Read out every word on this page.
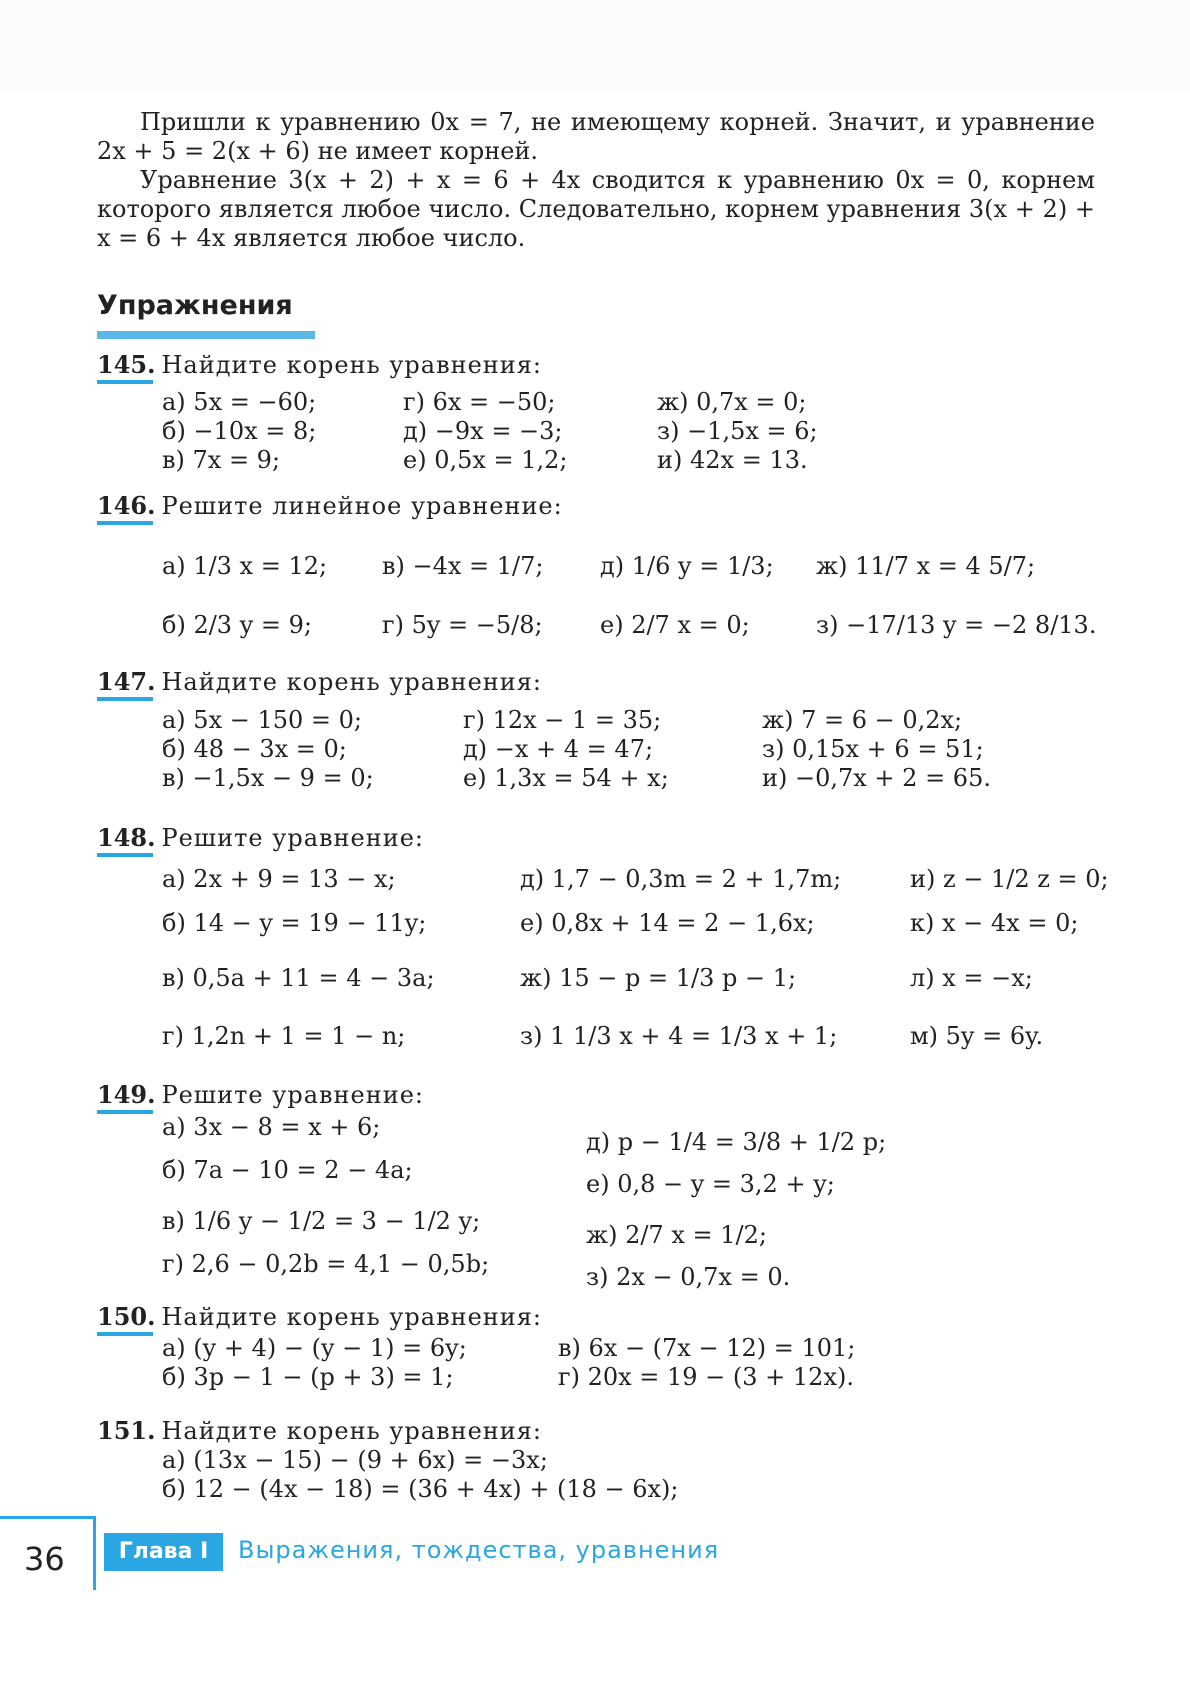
Пришли к уравнению 0x = 7, не имеющему корней. Значит, и уравнение 2x + 5 = 2(x + 6) не имеет корней.

Уравнение 3(x + 2) + x = 6 + 4x сводится к уравнению 0x = 0, корнем которого является любое число. Следовательно, корнем уравнения 3(x + 2) + x = 6 + 4x является любое число.

Упражнения
145. Найдите корень уравнения:
а) 5x = −60;
б) −10x = 8;
в) 7x = 9;
г) 6x = −50;
д) −9x = −3;
е) 0,5x = 1,2;
ж) 0,7x = 0;
з) −1,5x = 6;
и) 42x = 13.
146. Решите линейное уравнение:
а) 1/3 x = 12;
б) 2/3 y = 9;
в) −4x = 1/7;
г) 5y = −5/8;
д) 1/6 y = 1/3;
е) 2/7 x = 0;
ж) 11/7 x = 4 5/7;
з) −17/13 y = −2 8/13.
147. Найдите корень уравнения:
а) 5x − 150 = 0;
б) 48 − 3x = 0;
в) −1,5x − 9 = 0;
г) 12x − 1 = 35;
д) −x + 4 = 47;
е) 1,3x = 54 + x;
ж) 7 = 6 − 0,2x;
з) 0,15x + 6 = 51;
и) −0,7x + 2 = 65.
148. Решите уравнение:
а) 2x + 9 = 13 − x;
б) 14 − y = 19 − 11y;
в) 0,5a + 11 = 4 − 3a;
г) 1,2n + 1 = 1 − n;
д) 1,7 − 0,3m = 2 + 1,7m;
е) 0,8x + 14 = 2 − 1,6x;
ж) 15 − p = 1/3 p − 1;
з) 1 1/3 x + 4 = 1/3 x + 1;
и) z − 1/2 z = 0;
к) x − 4x = 0;
л) x = −x;
м) 5y = 6y.
149. Решите уравнение:
а) 3x − 8 = x + 6;
б) 7a − 10 = 2 − 4a;
в) 1/6 y − 1/2 = 3 − 1/2 y;
г) 2,6 − 0,2b = 4,1 − 0,5b;
д) p − 1/4 = 3/8 + 1/2 p;
е) 0,8 − y = 3,2 + y;
ж) 2/7 x = 1/2;
з) 2x − 0,7x = 0.
150. Найдите корень уравнения:
а) (y + 4) − (y − 1) = 6y;
б) 3p − 1 − (p + 3) = 1;
в) 6x − (7x − 12) = 101;
г) 20x = 19 − (3 + 12x).
151. Найдите корень уравнения:
а) (13x − 15) − (9 + 6x) = −3x;
б) 12 − (4x − 18) = (36 + 4x) + (18 − 6x);
36	Глава I	Выражения, тождества, уравнения
